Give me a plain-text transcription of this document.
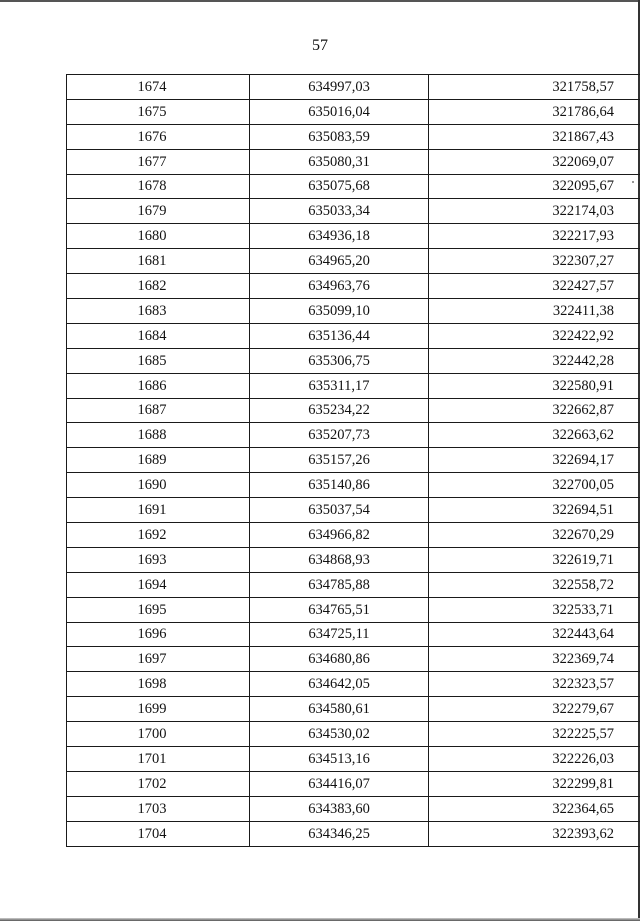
57
1674	634997,03	321758,57
1675	635016,04	321786,64
1676	635083,59	321867,43
1677	635080,31	322069,07
1678	635075,68	322095,67
1679	635033,34	322174,03
1680	634936,18	322217,93
1681	634965,20	322307,27
1682	634963,76	322427,57
1683	635099,10	322411,38
1684	635136,44	322422,92
1685	635306,75	322442,28
1686	635311,17	322580,91
1687	635234,22	322662,87
1688	635207,73	322663,62
1689	635157,26	322694,17
1690	635140,86	322700,05
1691	635037,54	322694,51
1692	634966,82	322670,29
1693	634868,93	322619,71
1694	634785,88	322558,72
1695	634765,51	322533,71
1696	634725,11	322443,64
1697	634680,86	322369,74
1698	634642,05	322323,57
1699	634580,61	322279,67
1700	634530,02	322225,57
1701	634513,16	322226,03
1702	634416,07	322299,81
1703	634383,60	322364,65
1704	634346,25	322393,62
